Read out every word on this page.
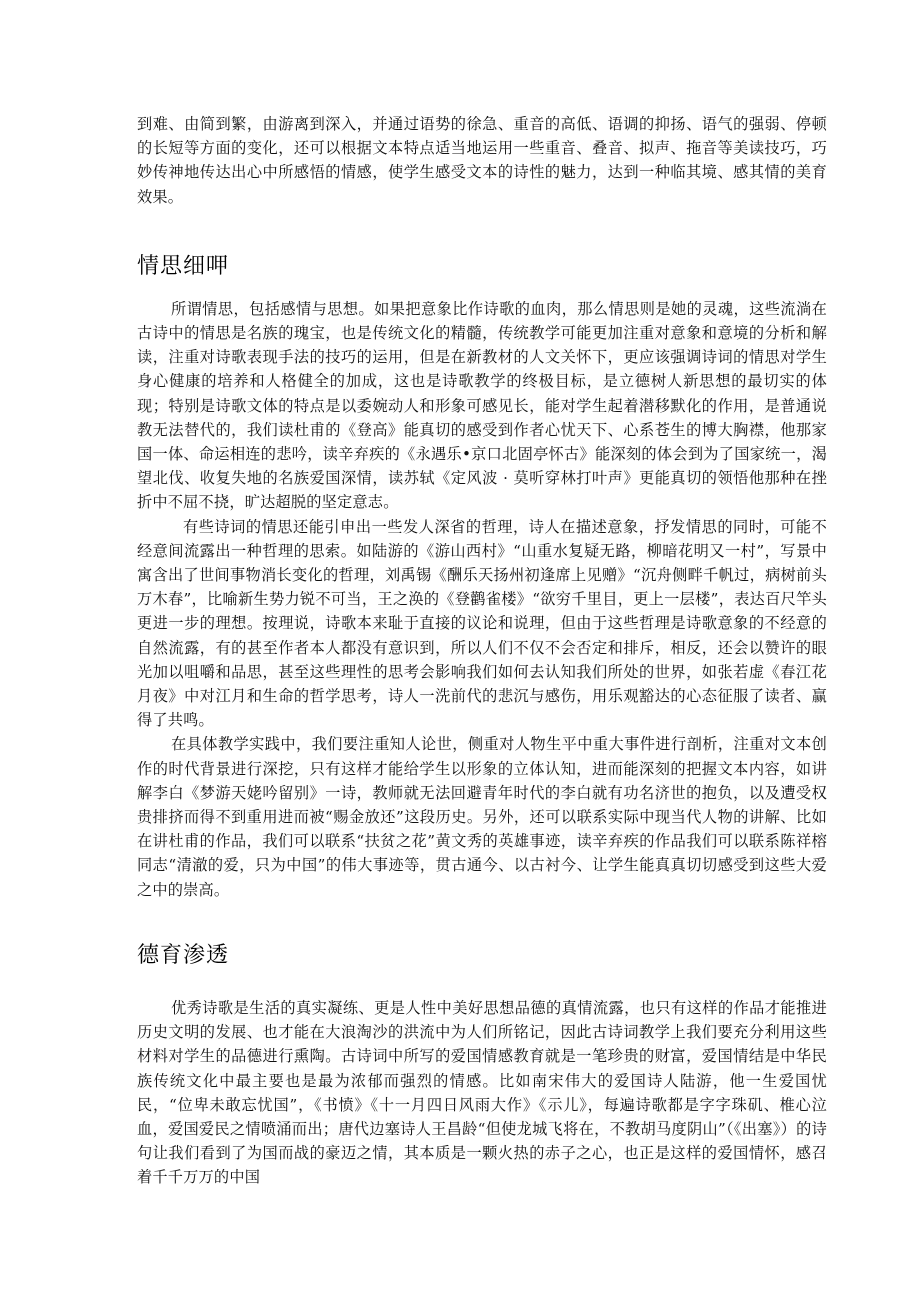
到难、由简到繁，由游离到深入，并通过语势的徐急、重音的高低、语调的抑扬、语气的强弱、停顿的长短等方面的变化，还可以根据文本特点适当地运用一些重音、叠音、拟声、拖音等美读技巧，巧妙传神地传达出心中所感悟的情感，使学生感受文本的诗性的魅力，达到一种临其境、感其情的美育效果。

情思细呷

所谓情思，包括感情与思想。如果把意象比作诗歌的血肉，那么情思则是她的灵魂，这些流淌在古诗中的情思是名族的瑰宝，也是传统文化的精髓，传统教学可能更加注重对意象和意境的分析和解读，注重对诗歌表现手法的技巧的运用，但是在新教材的人文关怀下，更应该强调诗词的情思对学生身心健康的培养和人格健全的加成，这也是诗歌教学的终极目标，是立德树人新思想的最切实的体现；特别是诗歌文体的特点是以委婉动人和形象可感见长，能对学生起着潜移默化的作用，是普通说教无法替代的，我们读杜甫的《登高》能真切的感受到作者心忧天下、心系苍生的博大胸襟，他那家国一体、命运相连的悲吟，读辛弃疾的《永遇乐•京口北固亭怀古》能深刻的体会到为了国家统一，渴望北伐、收复失地的名族爱国深情，读苏轼《定风波 · 莫听穿林打叶声》更能真切的领悟他那种在挫折中不屈不挠，旷达超脱的坚定意志。

有些诗词的情思还能引申出一些发人深省的哲理，诗人在描述意象，抒发情思的同时，可能不经意间流露出一种哲理的思索。如陆游的《游山西村》“山重水复疑无路，柳暗花明又一村”，写景中寓含出了世间事物消长变化的哲理，刘禹锡《酬乐天扬州初逢席上见赠》“沉舟侧畔千帆过，病树前头万木春”，比喻新生势力锐不可当，王之涣的《登鹳雀楼》“欲穷千里目，更上一层楼”，表达百尺竿头更进一步的理想。按理说，诗歌本来耻于直接的议论和说理，但由于这些哲理是诗歌意象的不经意的自然流露，有的甚至作者本人都没有意识到，所以人们不仅不会否定和排斥，相反，还会以赞许的眼光加以咀嚼和品思，甚至这些理性的思考会影响我们如何去认知我们所处的世界，如张若虚《春江花月夜》中对江月和生命的哲学思考，诗人一洗前代的悲沉与感伤，用乐观豁达的心态征服了读者、赢得了共鸣。

在具体教学实践中，我们要注重知人论世，侧重对人物生平中重大事件进行剖析，注重对文本创作的时代背景进行深挖，只有这样才能给学生以形象的立体认知，进而能深刻的把握文本内容，如讲解李白《梦游天姥吟留别》一诗，教师就无法回避青年时代的李白就有功名济世的抱负，以及遭受权贵排挤而得不到重用进而被“赐金放还”这段历史。另外，还可以联系实际中现当代人物的讲解、比如在讲杜甫的作品，我们可以联系“扶贫之花”黄文秀的英雄事迹，读辛弃疾的作品我们可以联系陈祥榕同志“清澈的爱，只为中国”的伟大事迹等，贯古通今、以古衬今、让学生能真真切切感受到这些大爱之中的崇高。

德育渗透

优秀诗歌是生活的真实凝练、更是人性中美好思想品德的真情流露，也只有这样的作品才能推进历史文明的发展、也才能在大浪淘沙的洪流中为人们所铭记，因此古诗词教学上我们要充分利用这些材料对学生的品德进行熏陶。古诗词中所写的爱国情感教育就是一笔珍贵的财富，爱国情结是中华民族传统文化中最主要也是最为浓郁而强烈的情感。比如南宋伟大的爱国诗人陆游，他一生爱国忧民，“位卑未敢忘忧国”，《书愤》《十一月四日风雨大作》《示儿》，每遍诗歌都是字字珠矶、椎心泣血，爱国爱民之情喷涌而出；唐代边塞诗人王昌龄“但使龙城飞将在，不教胡马度阴山”（《出塞》）的诗句让我们看到了为国而战的豪迈之情，其本质是一颗火热的赤子之心，也正是这样的爱国情怀，感召着千千万万的中国
